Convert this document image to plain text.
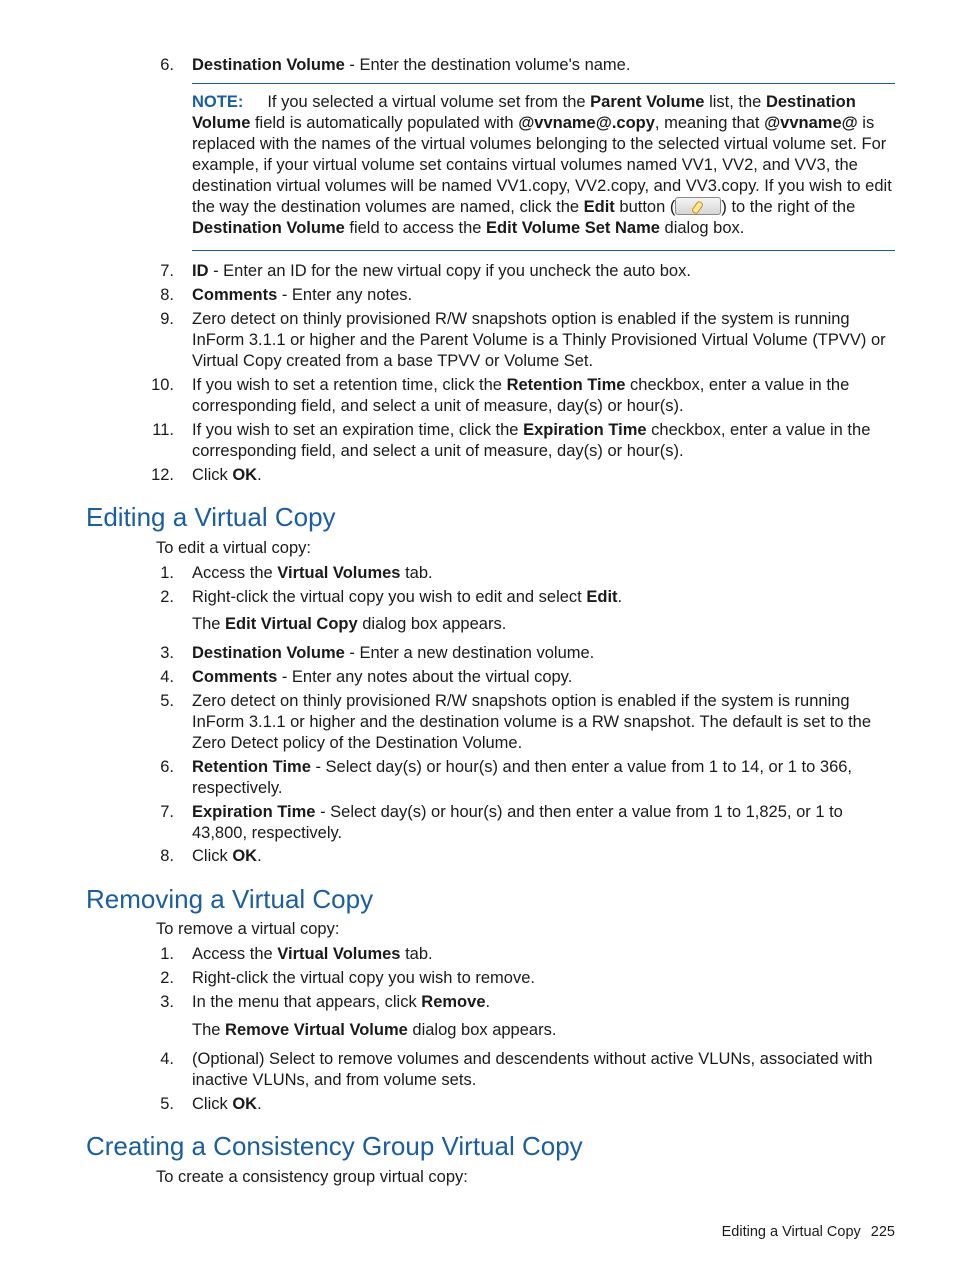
6. Destination Volume - Enter the destination volume's name.

NOTE: If you selected a virtual volume set from the Parent Volume list, the Destination Volume field is automatically populated with @vvname@.copy, meaning that @vvname@ is replaced with the names of the virtual volumes belonging to the selected virtual volume set. For example, if your virtual volume set contains virtual volumes named VV1, VV2, and VV3, the destination virtual volumes will be named VV1.copy, VV2.copy, and VV3.copy. If you wish to edit the way the destination volumes are named, click the Edit button (	) to the right of the Destination Volume field to access the Edit Volume Set Name dialog box.

7. ID - Enter an ID for the new virtual copy if you uncheck the auto box.
8. Comments - Enter any notes.
9. Zero detect on thinly provisioned R/W snapshots option is enabled if the system is running InForm 3.1.1 or higher and the Parent Volume is a Thinly Provisioned Virtual Volume (TPVV) or Virtual Copy created from a base TPVV or Volume Set.
10. If you wish to set a retention time, click the Retention Time checkbox, enter a value in the corresponding field, and select a unit of measure, day(s) or hour(s).
11. If you wish to set an expiration time, click the Expiration Time checkbox, enter a value in the corresponding field, and select a unit of measure, day(s) or hour(s).
12. Click OK.
Editing a Virtual Copy
To edit a virtual copy:
1. Access the Virtual Volumes tab.
2. Right-click the virtual copy you wish to edit and select Edit.
The Edit Virtual Copy dialog box appears.
3. Destination Volume - Enter a new destination volume.
4. Comments - Enter any notes about the virtual copy.
5. Zero detect on thinly provisioned R/W snapshots option is enabled if the system is running InForm 3.1.1 or higher and the destination volume is a RW snapshot. The default is set to the Zero Detect policy of the Destination Volume.
6. Retention Time - Select day(s) or hour(s) and then enter a value from 1 to 14, or 1 to 366, respectively.
7. Expiration Time - Select day(s) or hour(s) and then enter a value from 1 to 1,825, or 1 to 43,800, respectively.
8. Click OK.
Removing a Virtual Copy
To remove a virtual copy:
1. Access the Virtual Volumes tab.
2. Right-click the virtual copy you wish to remove.
3. In the menu that appears, click Remove.
The Remove Virtual Volume dialog box appears.
4. (Optional) Select to remove volumes and descendents without active VLUNs, associated with inactive VLUNs, and from volume sets.
5. Click OK.
Creating a Consistency Group Virtual Copy
To create a consistency group virtual copy:
Editing a Virtual Copy 225
